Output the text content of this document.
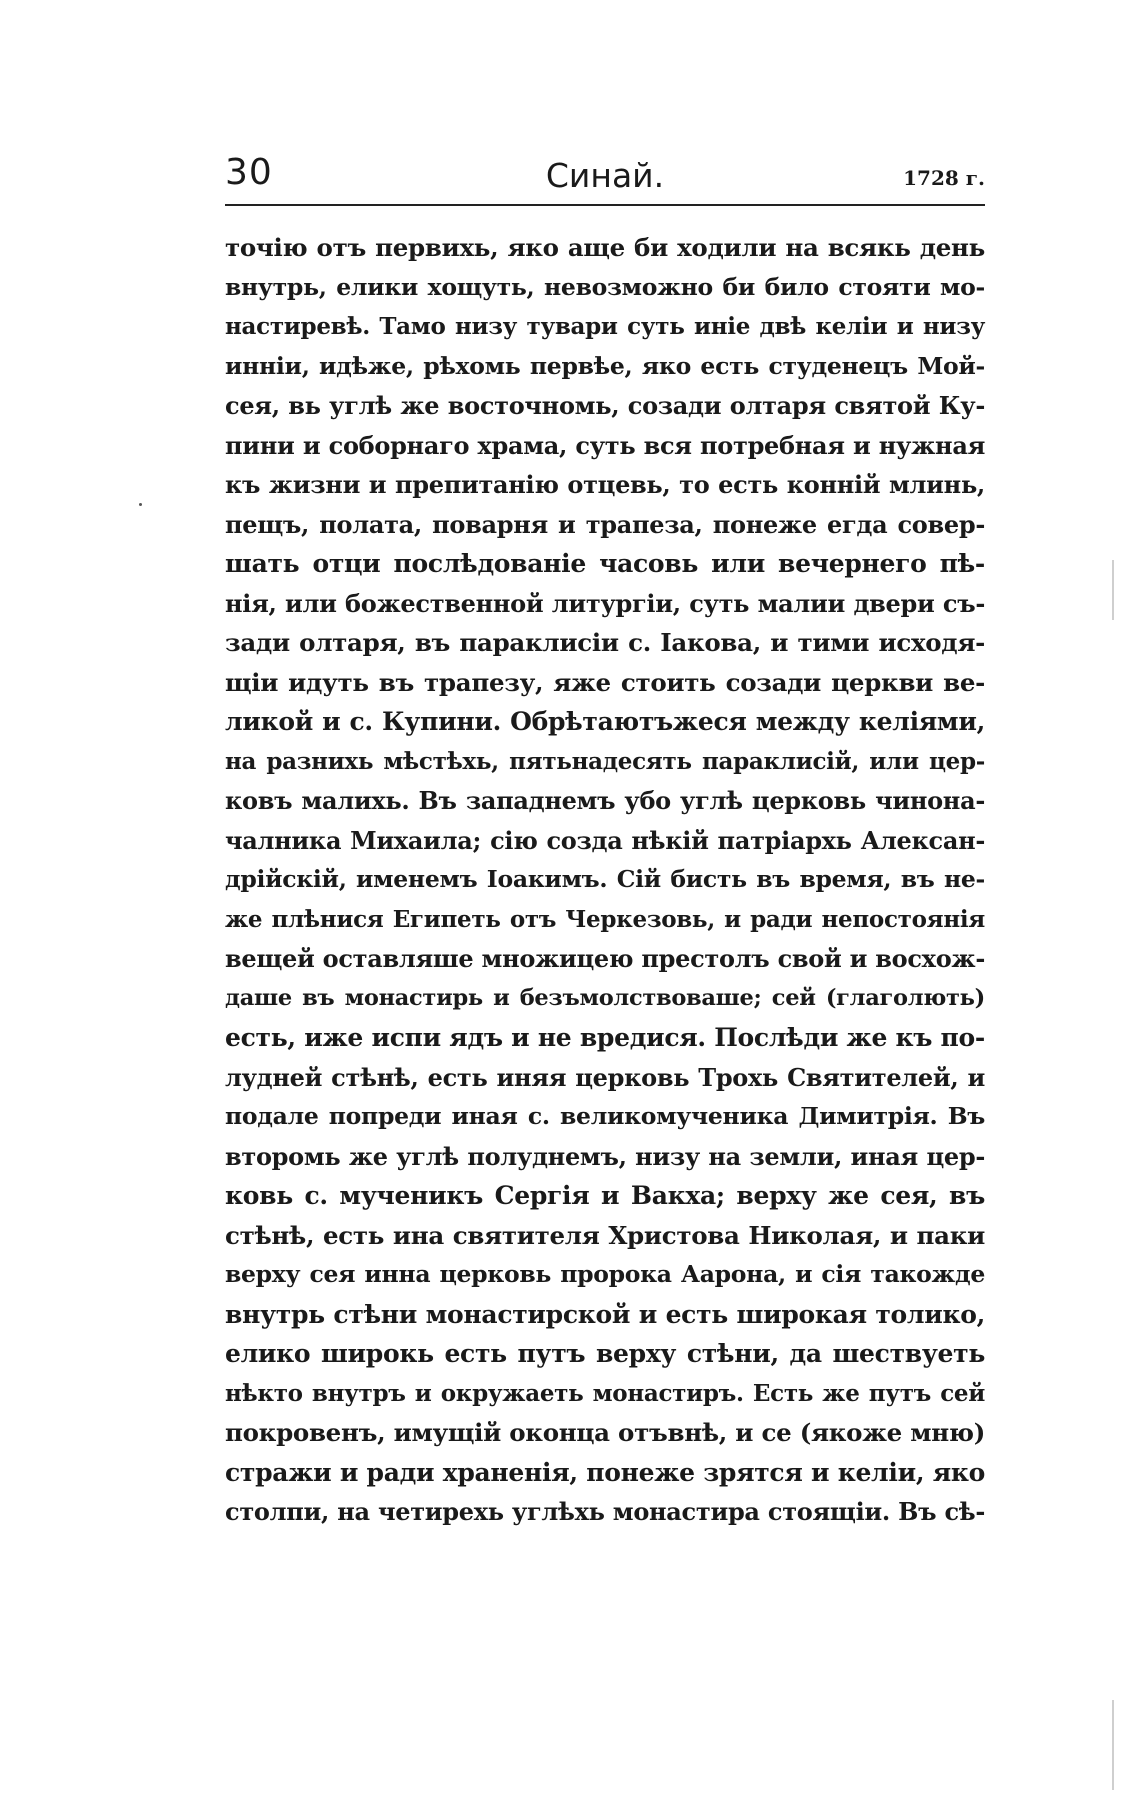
30	Синай.	1728 г.
точію отъ первихь, яко аще би ходили на всякь день
внутрь, елики хощуть, невозможно би било стояти мо-
настиревѣ. Тамо низу тувари суть иніе двѣ келіи и низу
инніи, идѣже, рѣхомь первѣе, яко есть студенецъ Мой-
сея, вь углѣ же восточномь, созади олтаря святой Ку-
пини и соборнаго храма, суть вся потребная и нужная
къ жизни и препитанію отцевь, то есть конній млинь,
пещъ, полата, поварня и трапеза, понеже егда совер-
шать отци послѣдованіе часовь или вечернего пѣ-
нія, или божественной литургіи, суть малии двери съ-
зади олтаря, въ параклисіи с. Іакова, и тими исходя-
щіи идуть въ трапезу, яже стоить созади церкви ве-
ликой и с. Купини. Обрѣтаютъжеся между келіями,
на разнихь мѣстѣхь, пятьнадесять параклисій, или цер-
ковъ малихь. Въ западнемъ убо углѣ церковь чинона-
чалника Михаила; сію созда нѣкій патріархь Алексан-
дрійскій, именемъ Іоакимъ. Сій бисть въ время, въ не-
же плѣнися Египеть отъ Черкезовь, и ради непостоянія
вещей оставляше множицею престолъ свой и восхож-
даше въ монастирь и безъмолствоваше; сей (глаголють)
есть, иже испи ядъ и не вредися. Послѣди же къ по-
лудней стѣнѣ, есть иняя церковь Трохь Святителей, и
подале попреди иная с. великомученика Димитрія. Въ
второмь же углѣ полуднемъ, низу на земли, иная цер-
ковь с. мученикъ Сергія и Вакха; верху же сея, въ
стѣнѣ, есть ина святителя Христова Николая, и паки
верху сея инна церковь пророка Аарона, и сія такожде
внутрь стѣни монастирской и есть широкая толико,
елико широкь есть путъ верху стѣни, да шествуеть
нѣкто внутръ и окружаеть монастиръ. Есть же путъ сей
покровенъ, имущій оконца отъвнѣ, и се (якоже мню)
стражи и ради храненія, понеже зрятся и келіи, яко
столпи, на четирехь углѣхь монастира стоящіи. Въ сѣ-
